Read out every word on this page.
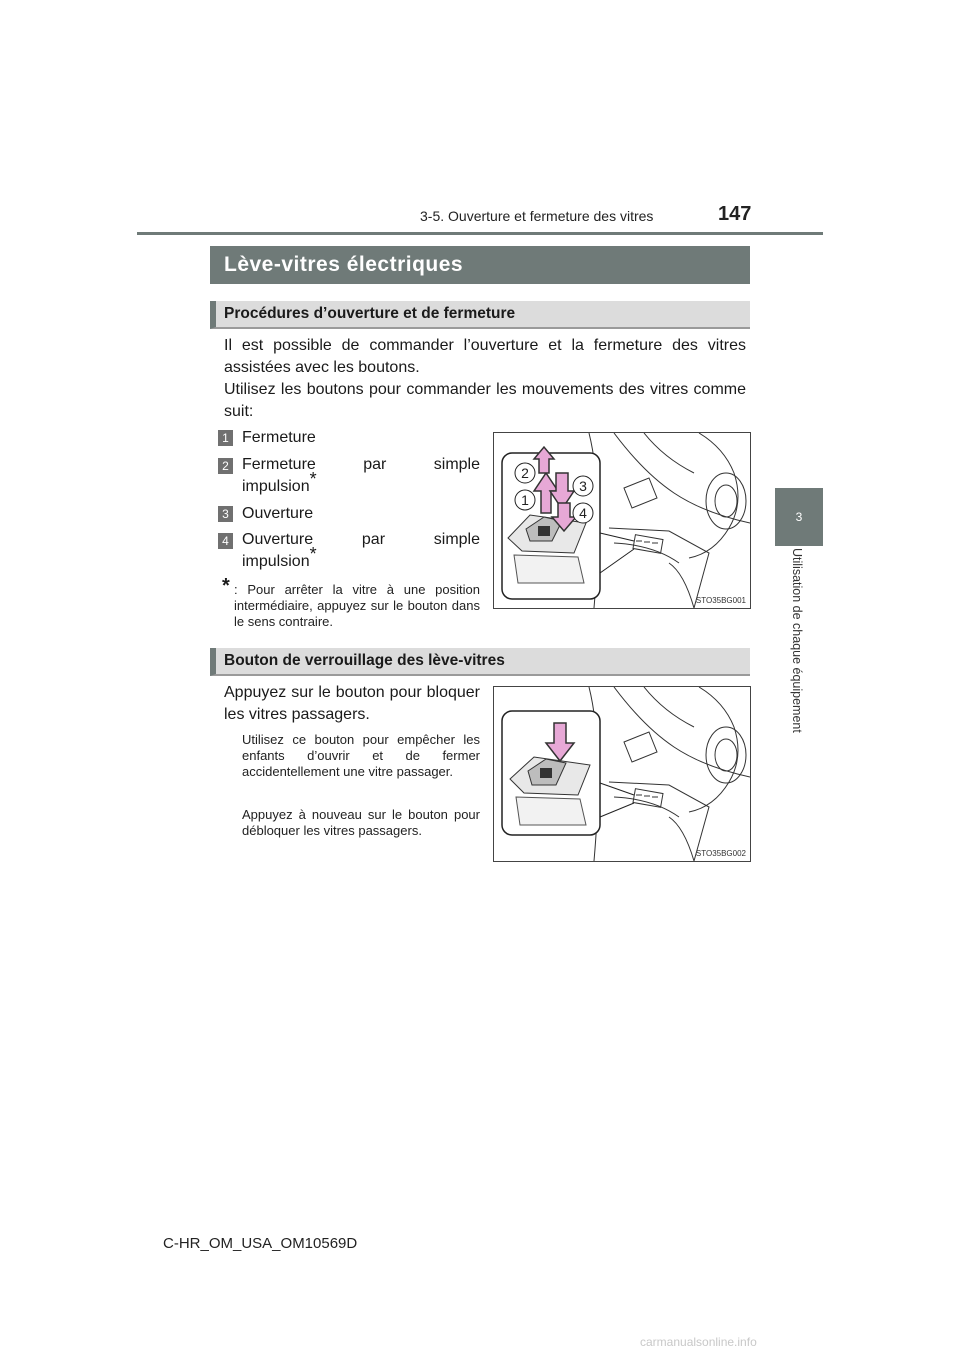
3-5. Ouverture et fermeture des vitres	147
3
Utilisation de chaque équipement
Lève-vitres électriques
Procédures d’ouverture et de fermeture
Il est possible de commander l’ouverture et la fermeture des vitres assistées avec les boutons.
Utilisez les boutons pour commander les mouvements des vitres comme suit:
1 Fermeture
2 Fermeture	par	simple
impulsion*
3 Ouverture
4 Ouverture	par	simple
impulsion*
* : Pour arrêter la vitre à une position intermédiaire, appuyez sur le bouton dans le sens contraire.
2
1
3
4
STO35BG001
Bouton de verrouillage des lève-vitres
Appuyez sur le bouton pour bloquer les vitres passagers.
Utilisez ce bouton pour empêcher les enfants d’ouvrir et de fermer accidentellement une vitre passager.
Appuyez à nouveau sur le bouton pour débloquer les vitres passagers.
STO35BG002
C-HR_OM_USA_OM10569D
carmanualsonline.info
